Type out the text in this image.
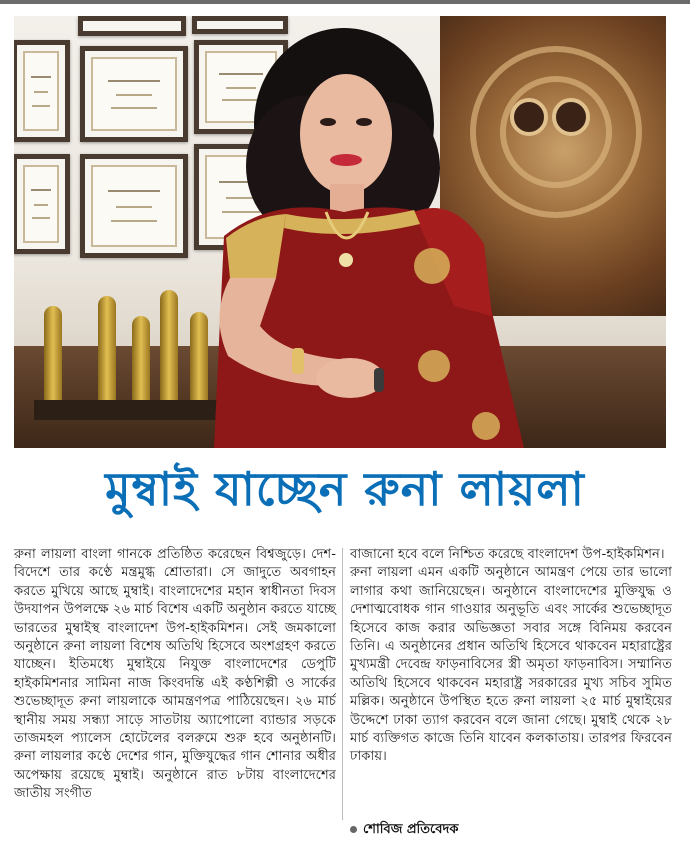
মুম্বাই যাচ্ছেন রুনা লায়লা

রুনা লায়লা বাংলা গানকে প্রতিষ্ঠিত করেছেন বিশ্বজুড়ে। দেশ-বিদেশে তার কণ্ঠে মন্ত্রমুগ্ধ শ্রোতারা। সে জাদুতে অবগাহন করতে মুখিয়ে আছে মুম্বাই। বাংলাদেশের মহান স্বাধীনতা দিবস উদযাপন উপলক্ষে ২৬ মার্চ বিশেষ একটি অনুষ্ঠান করতে যাচ্ছে ভারতের মুম্বাইস্থ বাংলাদেশ উপ-হাইকমিশন। সেই জমকালো অনুষ্ঠানে রুনা লায়লা বিশেষ অতিথি হিসেবে অংশগ্রহণ করতে যাচ্ছেন। ইতিমধ্যে মুম্বাইয়ে নিযুক্ত বাংলাদেশের ডেপুটি হাইকমিশনার সামিনা নাজ কিংবদন্তি এই কণ্ঠশিল্পী ও সার্কের শুভেচ্ছাদূত রুনা লায়লাকে আমন্ত্রণপত্র পাঠিয়েছেন। ২৬ মার্চ স্থানীয় সময় সন্ধ্যা সাড়ে সাতটায় অ্যাপোলো ব্যান্ডার সড়কে তাজমহল প্যালেস হোটেলের বলরুমে শুরু হবে অনুষ্ঠানটি। রুনা লায়লার কণ্ঠে দেশের গান, মুক্তিযুদ্ধের গান শোনার অধীর অপেক্ষায় রয়েছে মুম্বাই। অনুষ্ঠানে রাত ৮টায় বাংলাদেশের জাতীয় সংগীত

বাজানো হবে বলে নিশ্চিত করেছে বাংলাদেশ উপ-হাইকমিশন।

রুনা লায়লা এমন একটি অনুষ্ঠানে আমন্ত্রণ পেয়ে তার ভালো লাগার কথা জানিয়েছেন। অনুষ্ঠানে বাংলাদেশের মুক্তিযুদ্ধ ও দেশাত্মবোধক গান গাওয়ার অনুভূতি এবং সার্কের শুভেচ্ছাদূত হিসেবে কাজ করার অভিজ্ঞতা সবার সঙ্গে বিনিময় করবেন তিনি। এ অনুষ্ঠানের প্রধান অতিথি হিসেবে থাকবেন মহারাষ্ট্রের মুখ্যমন্ত্রী দেবেন্দ্র ফাড়নাবিসের স্ত্রী অমৃতা ফাড়নাবিস। সম্মানিত অতিথি হিসেবে থাকবেন মহারাষ্ট্র সরকারের মুখ্য সচিব সুমিত মল্লিক। অনুষ্ঠানে উপস্থিত হতে রুনা লায়লা ২৫ মার্চ মুম্বাইয়ের উদ্দেশে ঢাকা ত্যাগ করবেন বলে জানা গেছে। মুম্বাই থেকে ২৮ মার্চ ব্যক্তিগত কাজে তিনি যাবেন কলকাতায়। তারপর ফিরবেন ঢাকায়।

শোবিজ প্রতিবেদক
